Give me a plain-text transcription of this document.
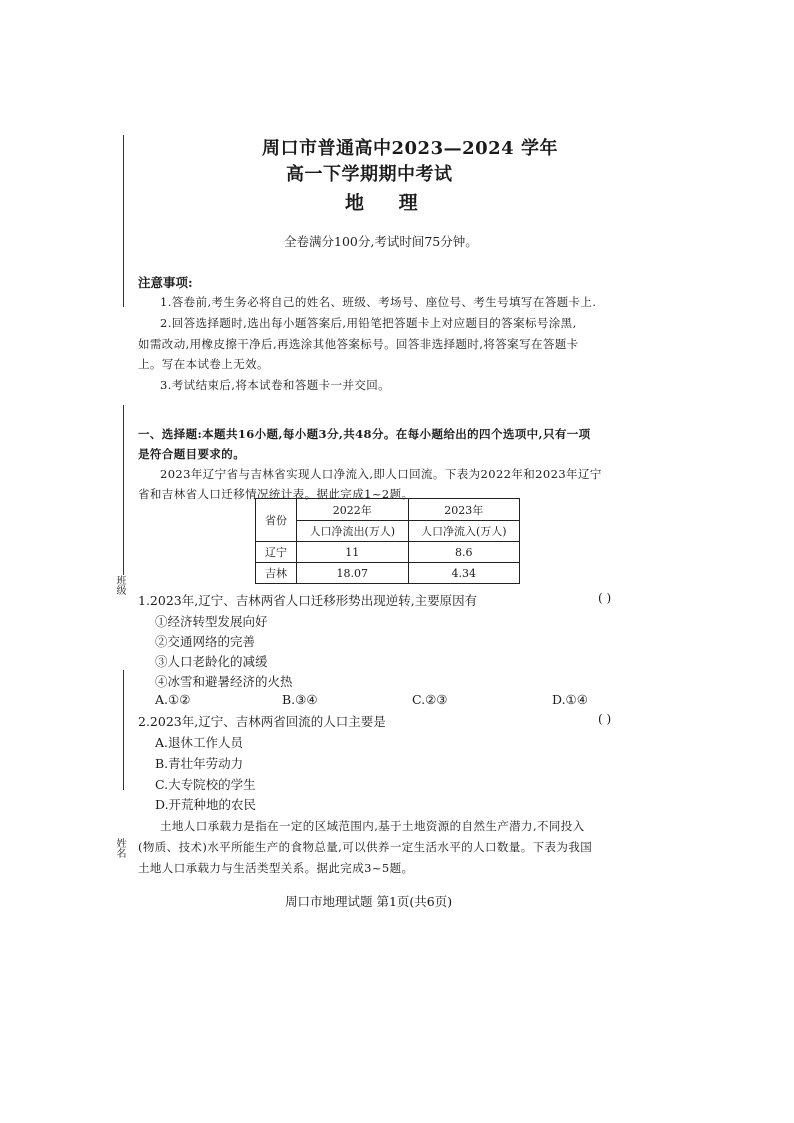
班级
姓名
周口市普通高中2023—2024 学年
高一下学期期中考试
地 理
全卷满分100分,考试时间75分钟。
注意事项:
1.答卷前,考生务必将自己的姓名、班级、考场号、座位号、考生号填写在答题卡上.
2.回答选择题时,选出每小题答案后,用铅笔把答题卡上对应题目的答案标号涂黑,
如需改动,用橡皮擦干净后,再选涂其他答案标号。回答非选择题时,将答案写在答题卡
上。写在本试卷上无效。
3.考试结束后,将本试卷和答题卡一并交回。
一、选择题:本题共16小题,每小题3分,共48分。在每小题给出的四个选项中,只有一项
是符合题目要求的。
2023年辽宁省与吉林省实现人口净流入,即人口回流。下表为2022年和2023年辽宁
省和吉林省人口迁移情况统计表。据此完成1~2题。
省份	2022年	2023年
	人口净流出(万人)	人口净流入(万人)
辽宁	11	8.6
吉林	18.07	4.34
1.2023年,辽宁、吉林两省人口迁移形势出现逆转,主要原因有	( )
①经济转型发展向好
②交通网络的完善
③人口老龄化的减缓
④冰雪和避暑经济的火热
A.①②	B.③④	C.②③	D.①④
2.2023年,辽宁、吉林两省回流的人口主要是	( )
A.退休工作人员
B.青壮年劳动力
C.大专院校的学生
D.开荒种地的农民
土地人口承载力是指在一定的区域范围内,基于土地资源的自然生产潜力,不同投入
(物质、技术)水平所能生产的食物总量,可以供养一定生活水平的人口数量。下表为我国
土地人口承载力与生活类型关系。据此完成3~5题。
周口市地理试题 第1页(共6页)
